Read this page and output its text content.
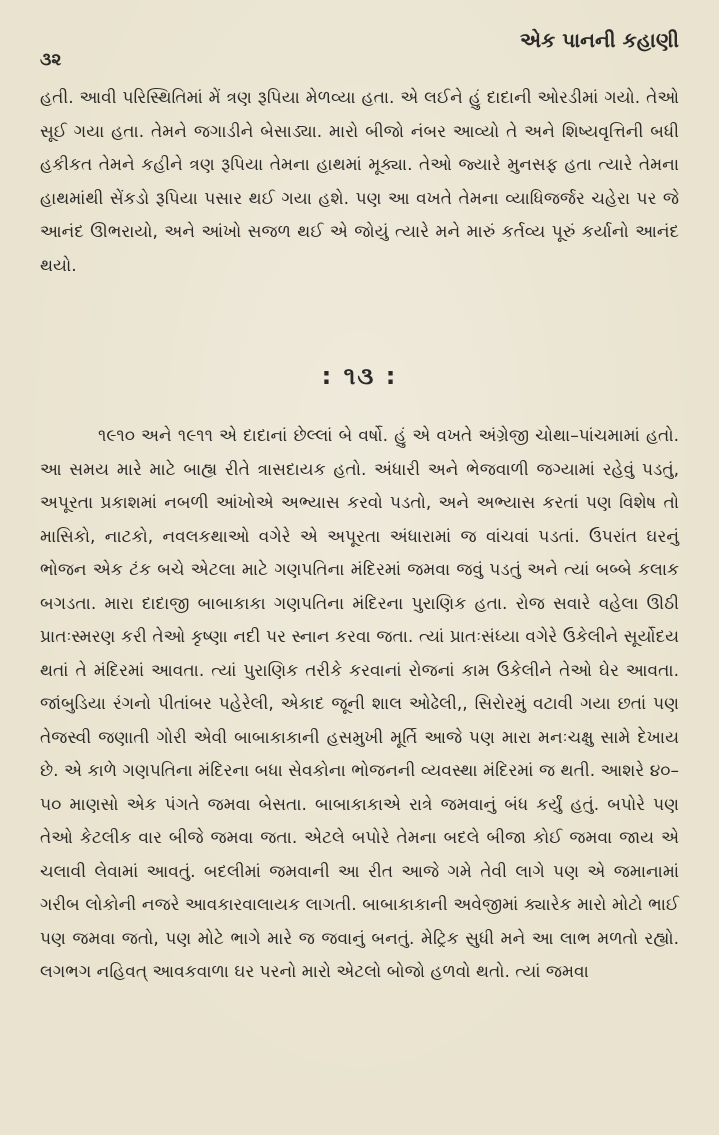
૩૨
એક પાનની કહાણી

હતી. આવી પરિસ્થિતિમાં મેં ત્રણ રૂપિયા મેળવ્યા હતા. એ લઈને હું દાદાની ઓરડીમાં ગયો. તેઓ સૂઈ ગયા હતા. તેમને જગાડીને બેસાડ્યા. મારો બીજો નંબર આવ્યો તે અને શિષ્યવૃત્તિની બધી હકીકત તેમને કહીને ત્રણ રૂપિયા તેમના હાથમાં મૂક્યા. તેઓ જ્યારે મુનસફ હતા ત્યારે તેમના હાથમાંથી સેંકડો રૂપિયા પસાર થઈ ગયા હશે. પણ આ વખતે તેમના વ્યાધિજર્જર ચહેરા પર જે આનંદ ઊભરાયો, અને આંખો સજળ થઈ એ જોયું ત્યારે મને મારું કર્તવ્ય પૂરું કર્યાનો આનંદ થયો.

: ૧૩ :

૧૯૧૦ અને ૧૯૧૧ એ દાદાનાં છેલ્લાં બે વર્ષો. હું એ વખતે અંગ્રેજી ચોથા–પાંચમામાં હતો. આ સમય મારે માટે બાહ્ય રીતે ત્રાસદાયક હતો. અંધારી અને ભેજવાળી જગ્યામાં રહેવું પડતું, અપૂરતા પ્રકાશમાં નબળી આંખોએ અભ્યાસ કરવો પડતો, અને અભ્યાસ કરતાં પણ વિશેષ તો માસિકો, નાટકો, નવલકથાઓ વગેરે એ અપૂરતા અંધારામાં જ વાંચવાં પડતાં. ઉપરાંત ઘરનું ભોજન એક ટંક બચે એટલા માટે ગણપતિના મંદિરમાં જમવા જવું પડતું અને ત્યાં બબ્બે કલાક બગડતા. મારા દાદાજી બાબાકાકા ગણપતિના મંદિરના પુરાણિક હતા. રોજ સવારે વહેલા ઊઠી પ્રાતઃસ્મરણ કરી તેઓ કૃષ્ણા નદી પર સ્નાન કરવા જતા. ત્યાં પ્રાતઃસંધ્યા વગેરે ઉકેલીને સૂર્યોદય થતાં તે મંદિરમાં આવતા. ત્યાં પુરાણિક તરીકે કરવાનાં રોજનાં કામ ઉકેલીને તેઓ ઘેર આવતા. જાંબુડિયા રંગનો પીતાંબર પહેરેલી, એકાદ જૂની શાલ ઓઢેલી,, સિરોરમું વટાવી ગયા છતાં પણ તેજસ્વી જણાતી ગોરી એવી બાબાકાકાની હસમુખી મૂર્તિ આજે પણ મારા મનઃચક્ષુ સામે દેખાય છે. એ કાળે ગણપતિના મંદિરના બધા સેવકોના ભોજનની વ્યવસ્થા મંદિરમાં જ થતી. આશરે ૪૦–૫૦ માણસો એક પંગતે જમવા બેસતા. બાબાકાકાએ રાત્રે જમવાનું બંધ કર્યું હતું. બપોરે પણ તેઓ કેટલીક વાર બીજે જમવા જતા. એટલે બપોરે તેમના બદલે બીજા કોઈ જમવા જાય એ ચલાવી લેવામાં આવતું. બદલીમાં જમવાની આ રીત આજે ગમે તેવી લાગે પણ એ જમાનામાં ગરીબ લોકોની નજરે આવકારવાલાયક લાગતી. બાબાકાકાની અવેજીમાં ક્યારેક મારો મોટો ભાઈ પણ જમવા જતો, પણ મોટે ભાગે મારે જ જવાનું બનતું. મેટ્રિક સુધી મને આ લાભ મળતો રહ્યો. લગભગ નહિવત્ આવકવાળા ઘર પરનો મારો એટલો બોજો હળવો થતો. ત્યાં જમવા
